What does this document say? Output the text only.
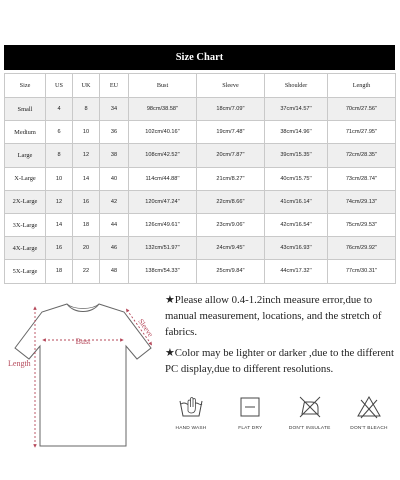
Size Chart
Size	US	UK	EU	Bust	Sleeve	Shoulder	Length
Small	4	8	34	98cm/38.58''	18cm/7.09''	37cm/14.57''	70cm/27.56''
Medium	6	10	36	102cm/40.16''	19cm/7.48''	38cm/14.96''	71cm/27.95''
Large	8	12	38	108cm/42.52''	20cm/7.87''	39cm/15.35''	72cm/28.35''
X-Large	10	14	40	114cm/44.88''	21cm/8.27''	40cm/15.75''	73cm/28.74''
2X-Large	12	16	42	120cm/47.24''	22cm/8.66''	41cm/16.14''	74cm/29.13''
3X-Large	14	18	44	126cm/49.61''	23cm/9.06''	42cm/16.54''	75cm/29.53''
4X-Large	16	20	46	132cm/51.97''	24cm/9.45''	43cm/16.93''	76cm/29.92''
5X-Large	18	22	48	138cm/54.33''	25cm/9.84''	44cm/17.32''	77cm/30.31''
Bust
Sleeve
Length

★Please allow 0.4-1.2inch measure error,due to manual measurement, locations, and the stretch of fabrics.

★Color may be lighter or darker ,due to the different PC display,due to different resolutions.

HAND WASH	FLAT DRY	DON'T INSULATE	DON'T BLEACH
